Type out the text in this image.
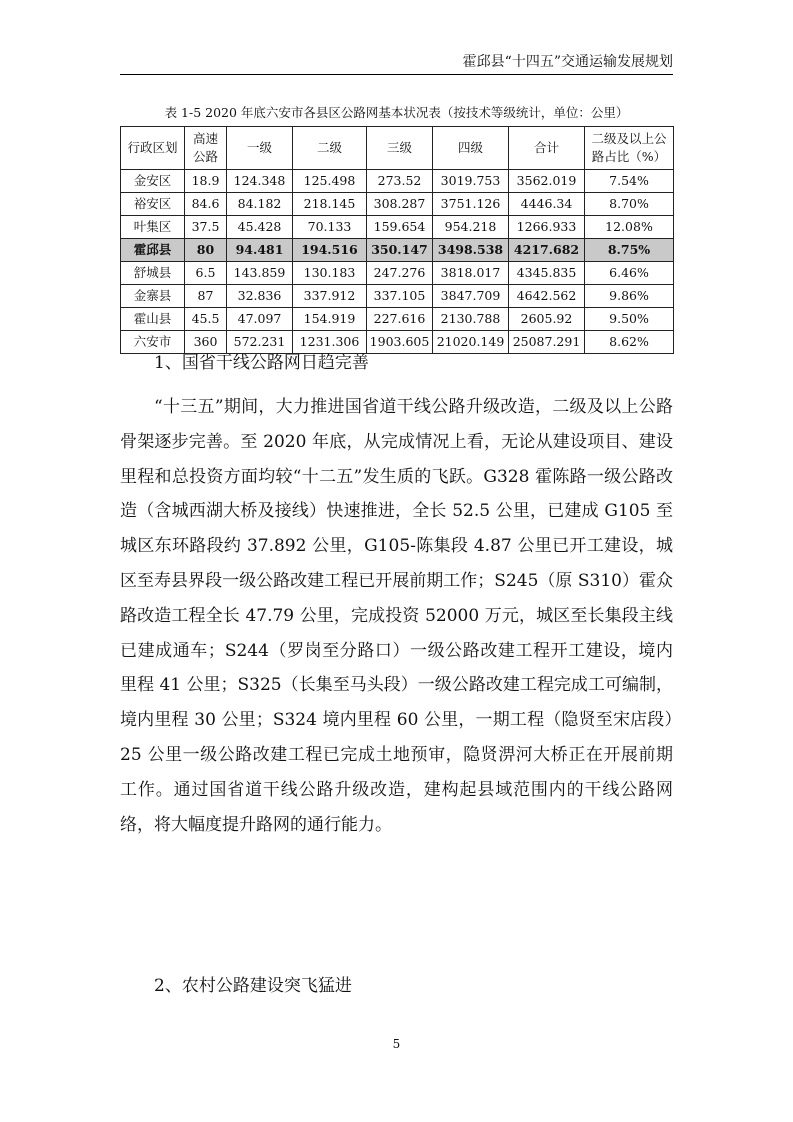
霍邱县“十四五”交通运输发展规划
表 1-5 2020 年底六安市各县区公路网基本状况表（按技术等级统计，单位：公里）
行政区划	高速公路	一级	二级	三级	四级	合计	二级及以上公路占比（%）
金安区	18.9	124.348	125.498	273.52	3019.753	3562.019	7.54%
裕安区	84.6	84.182	218.145	308.287	3751.126	4446.34	8.70%
叶集区	37.5	45.428	70.133	159.654	954.218	1266.933	12.08%
霍邱县	80	94.481	194.516	350.147	3498.538	4217.682	8.75%
舒城县	6.5	143.859	130.183	247.276	3818.017	4345.835	6.46%
金寨县	87	32.836	337.912	337.105	3847.709	4642.562	9.86%
霍山县	45.5	47.097	154.919	227.616	2130.788	2605.92	9.50%
六安市	360	572.231	1231.306	1903.605	21020.149	25087.291	8.62%
1、国省干线公路网日趋完善
“十三五”期间，大力推进国省道干线公路升级改造，二级及以上公路骨架逐步完善。至 2020 年底，从完成情况上看，无论从建设项目、建设里程和总投资方面均较“十二五”发生质的飞跃。G328 霍陈路一级公路改造（含城西湖大桥及接线）快速推进，全长 52.5 公里，已建成 G105 至城区东环路段约 37.892 公里，G105-陈集段 4.87 公里已开工建设，城区至寿县界段一级公路改建工程已开展前期工作；S245（原 S310）霍众路改造工程全长 47.79 公里，完成投资 52000 万元，城区至长集段主线已建成通车；S244（罗岗至分路口）一级公路改建工程开工建设，境内里程 41 公里；S325（长集至马头段）一级公路改建工程完成工可编制，境内里程 30 公里；S324 境内里程 60 公里，一期工程（隐贤至宋店段）25 公里一级公路改建工程已完成土地预审，隐贤淠河大桥正在开展前期工作。通过国省道干线公路升级改造，建构起县域范围内的干线公路网络，将大幅度提升路网的通行能力。
2、农村公路建设突飞猛进
5
